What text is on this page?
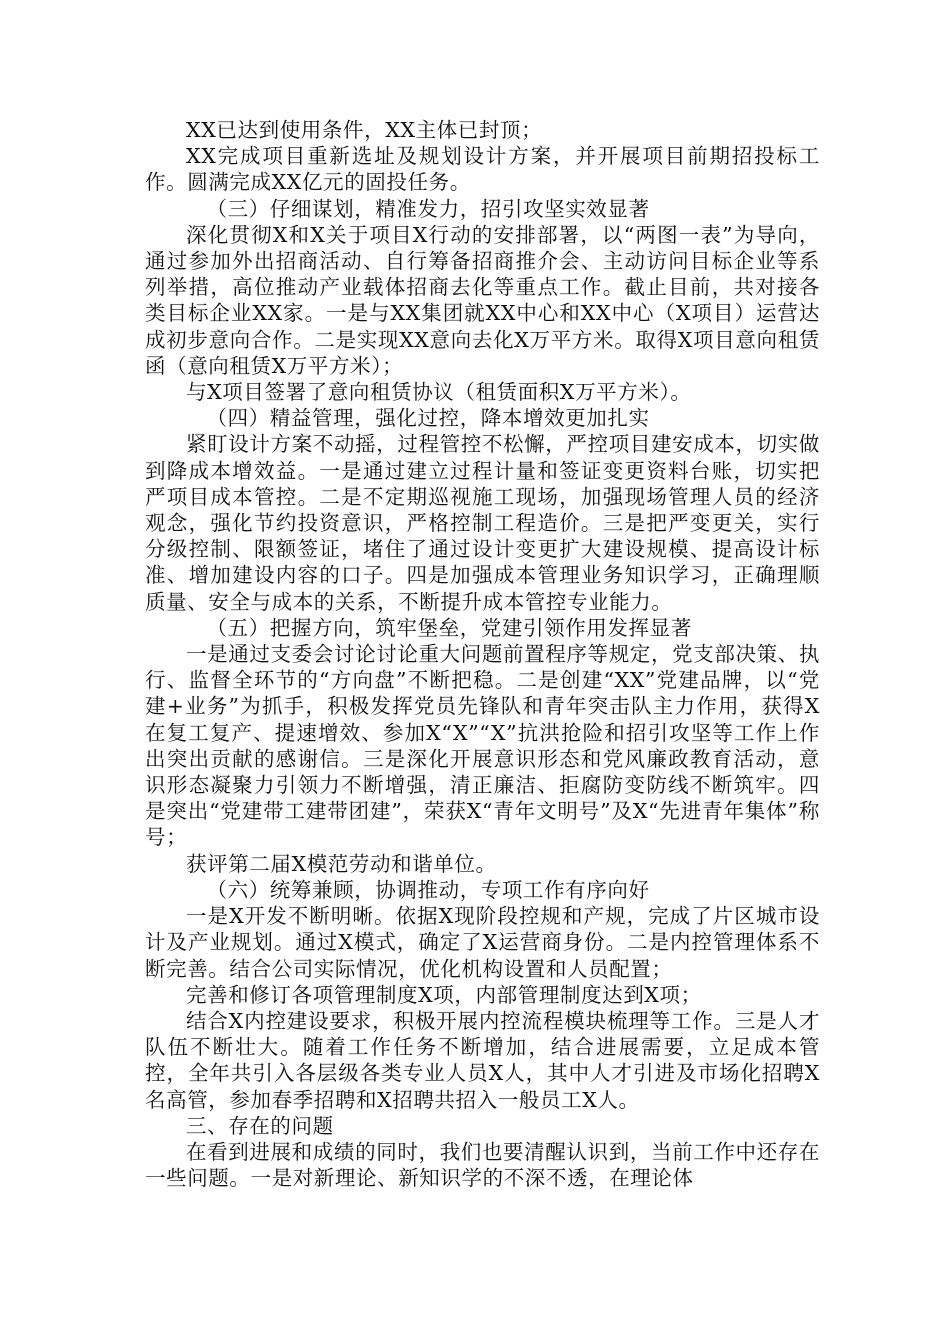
XX已达到使用条件，XX主体已封顶；

XX完成项目重新选址及规划设计方案，并开展项目前期招投标工作。圆满完成XX亿元的固投任务。

（三）仔细谋划，精准发力，招引攻坚实效显著

深化贯彻X和X关于项目X行动的安排部署，以“两图一表”为导向，通过参加外出招商活动、自行筹备招商推介会、主动访问目标企业等系列举措，高位推动产业载体招商去化等重点工作。截止目前，共对接各类目标企业XX家。一是与XX集团就XX中心和XX中心（X项目）运营达成初步意向合作。二是实现XX意向去化X万平方米。取得X项目意向租赁函（意向租赁X万平方米）；

与X项目签署了意向租赁协议（租赁面积X万平方米）。

（四）精益管理，强化过控，降本增效更加扎实

紧盯设计方案不动摇，过程管控不松懈，严控项目建安成本，切实做到降成本增效益。一是通过建立过程计量和签证变更资料台账，切实把严项目成本管控。二是不定期巡视施工现场，加强现场管理人员的经济观念，强化节约投资意识，严格控制工程造价。三是把严变更关，实行分级控制、限额签证，堵住了通过设计变更扩大建设规模、提高设计标准、增加建设内容的口子。四是加强成本管理业务知识学习，正确理顺质量、安全与成本的关系，不断提升成本管控专业能力。

（五）把握方向，筑牢堡垒，党建引领作用发挥显著

一是通过支委会讨论讨论重大问题前置程序等规定，党支部决策、执行、监督全环节的“方向盘”不断把稳。二是创建“XX”党建品牌，以“党建+业务”为抓手，积极发挥党员先锋队和青年突击队主力作用，获得X在复工复产、提速增效、参加X“X”“X”抗洪抢险和招引攻坚等工作上作出突出贡献的感谢信。三是深化开展意识形态和党风廉政教育活动，意识形态凝聚力引领力不断增强，清正廉洁、拒腐防变防线不断筑牢。四是突出“党建带工建带团建”，荣获X“青年文明号”及X“先进青年集体”称号；

获评第二届X模范劳动和谐单位。

（六）统筹兼顾，协调推动，专项工作有序向好

一是X开发不断明晰。依据X现阶段控规和产规，完成了片区城市设计及产业规划。通过X模式，确定了X运营商身份。二是内控管理体系不断完善。结合公司实际情况，优化机构设置和人员配置；

完善和修订各项管理制度X项，内部管理制度达到X项；

结合X内控建设要求，积极开展内控流程模块梳理等工作。三是人才队伍不断壮大。随着工作任务不断增加，结合进展需要，立足成本管控，全年共引入各层级各类专业人员X人，其中人才引进及市场化招聘X名高管，参加春季招聘和X招聘共招入一般员工X人。

三、存在的问题

在看到进展和成绩的同时，我们也要清醒认识到，当前工作中还存在一些问题。一是对新理论、新知识学的不深不透，在理论体
